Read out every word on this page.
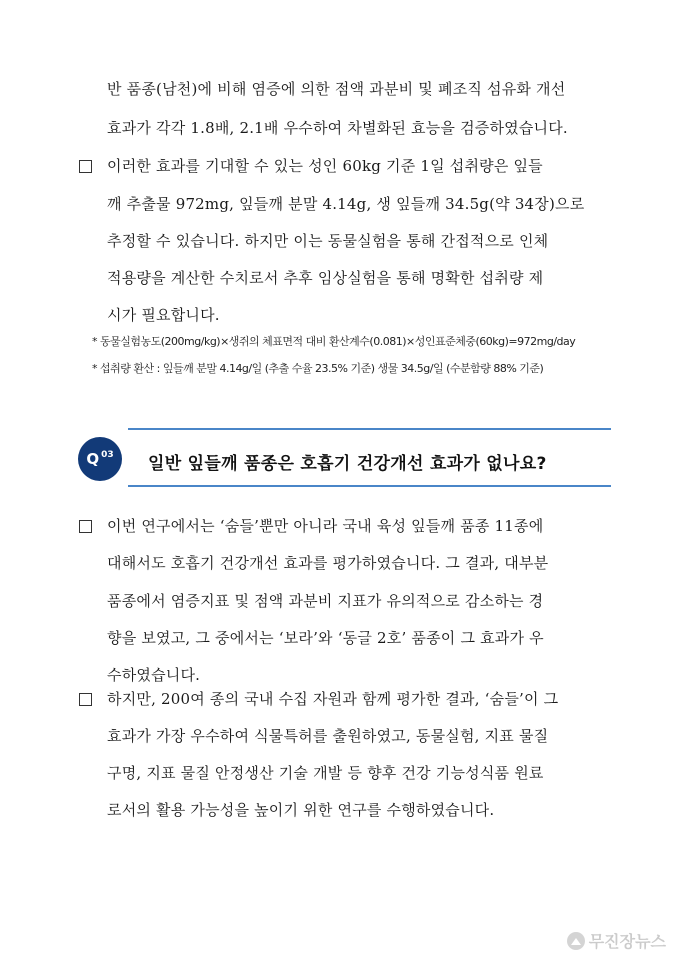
반 품종(남천)에 비해 염증에 의한 점액 과분비 및 폐조직 섬유화 개선
효과가 각각 1.8배, 2.1배 우수하여 차별화된 효능을 검증하였습니다.
이러한 효과를 기대할 수 있는 성인 60kg 기준 1일 섭취량은 잎들
깨 추출물 972mg, 잎들깨 분말 4.14g, 생 잎들깨 34.5g(약 34장)으로
추정할 수 있습니다. 하지만 이는 동물실험을 통해 간접적으로 인체
적용량을 계산한 수치로서 추후 임상실험을 통해 명확한 섭취량 제
시가 필요합니다.
* 동물실험농도(200mg/kg)×생쥐의 체표면적 대비 환산계수(0.081)×성인표준체중(60kg)=972mg/day
* 섭취량 환산 : 잎들깨 분말 4.14g/일 (추출 수율 23.5% 기준) 생물 34.5g/일 (수분함량 88% 기준)
$Q^{03}$ 일반 잎들깨 품종은 호흡기 건강개선 효과가 없나요?
이번 연구에서는 ‘숨들’뿐만 아니라 국내 육성 잎들깨 품종 11종에
대해서도 호흡기 건강개선 효과를 평가하였습니다. 그 결과, 대부분
품종에서 염증지표 및 점액 과분비 지표가 유의적으로 감소하는 경
향을 보였고, 그 중에서는 ‘보라’와 ‘동글 2호’ 품종이 그 효과가 우
수하였습니다.
하지만, 200여 종의 국내 수집 자원과 함께 평가한 결과, ‘숨들’이 그
효과가 가장 우수하여 식물특허를 출원하였고, 동물실험, 지표 물질
구명, 지표 물질 안정생산 기술 개발 등 향후 건강 기능성식품 원료
로서의 활용 가능성을 높이기 위한 연구를 수행하였습니다.
무진장뉴스
